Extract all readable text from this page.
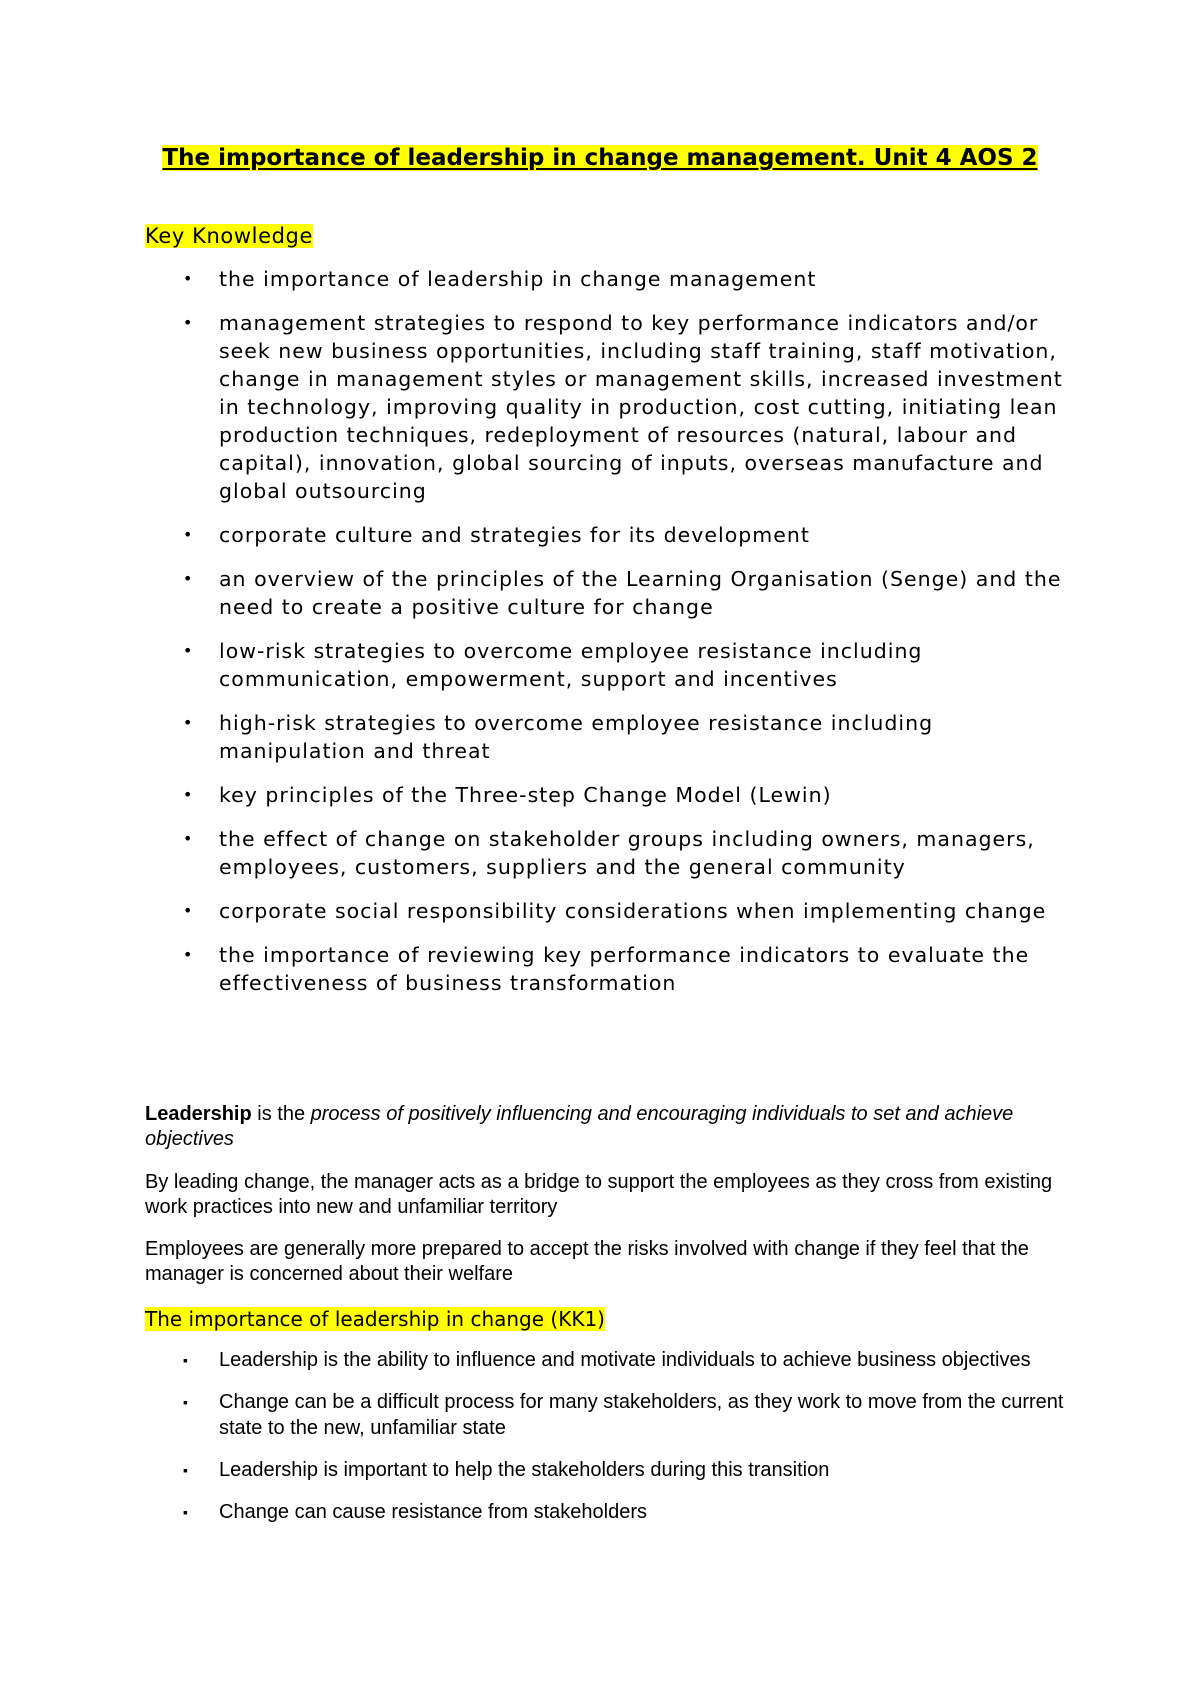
The importance of leadership in change management. Unit 4 AOS 2
Key Knowledge
• the importance of leadership in change management
• management strategies to respond to key performance indicators and/or seek new business opportunities, including staff training, staff motivation, change in management styles or management skills, increased investment in technology, improving quality in production, cost cutting, initiating lean production techniques, redeployment of resources (natural, labour and capital), innovation, global sourcing of inputs, overseas manufacture and global outsourcing
• corporate culture and strategies for its development
• an overview of the principles of the Learning Organisation (Senge) and the need to create a positive culture for change
• low-risk strategies to overcome employee resistance including communication, empowerment, support and incentives
• high-risk strategies to overcome employee resistance including manipulation and threat
• key principles of the Three-step Change Model (Lewin)
• the effect of change on stakeholder groups including owners, managers, employees, customers, suppliers and the general community
• corporate social responsibility considerations when implementing change
• the importance of reviewing key performance indicators to evaluate the effectiveness of business transformation

Leadership is the process of positively influencing and encouraging individuals to set and achieve objectives

By leading change, the manager acts as a bridge to support the employees as they cross from existing work practices into new and unfamiliar territory

Employees are generally more prepared to accept the risks involved with change if they feel that the manager is concerned about their welfare

The importance of leadership in change (KK1)
▪ Leadership is the ability to influence and motivate individuals to achieve business objectives
▪ Change can be a difficult process for many stakeholders, as they work to move from the current state to the new, unfamiliar state
▪ Leadership is important to help the stakeholders during this transition
▪ Change can cause resistance from stakeholders
